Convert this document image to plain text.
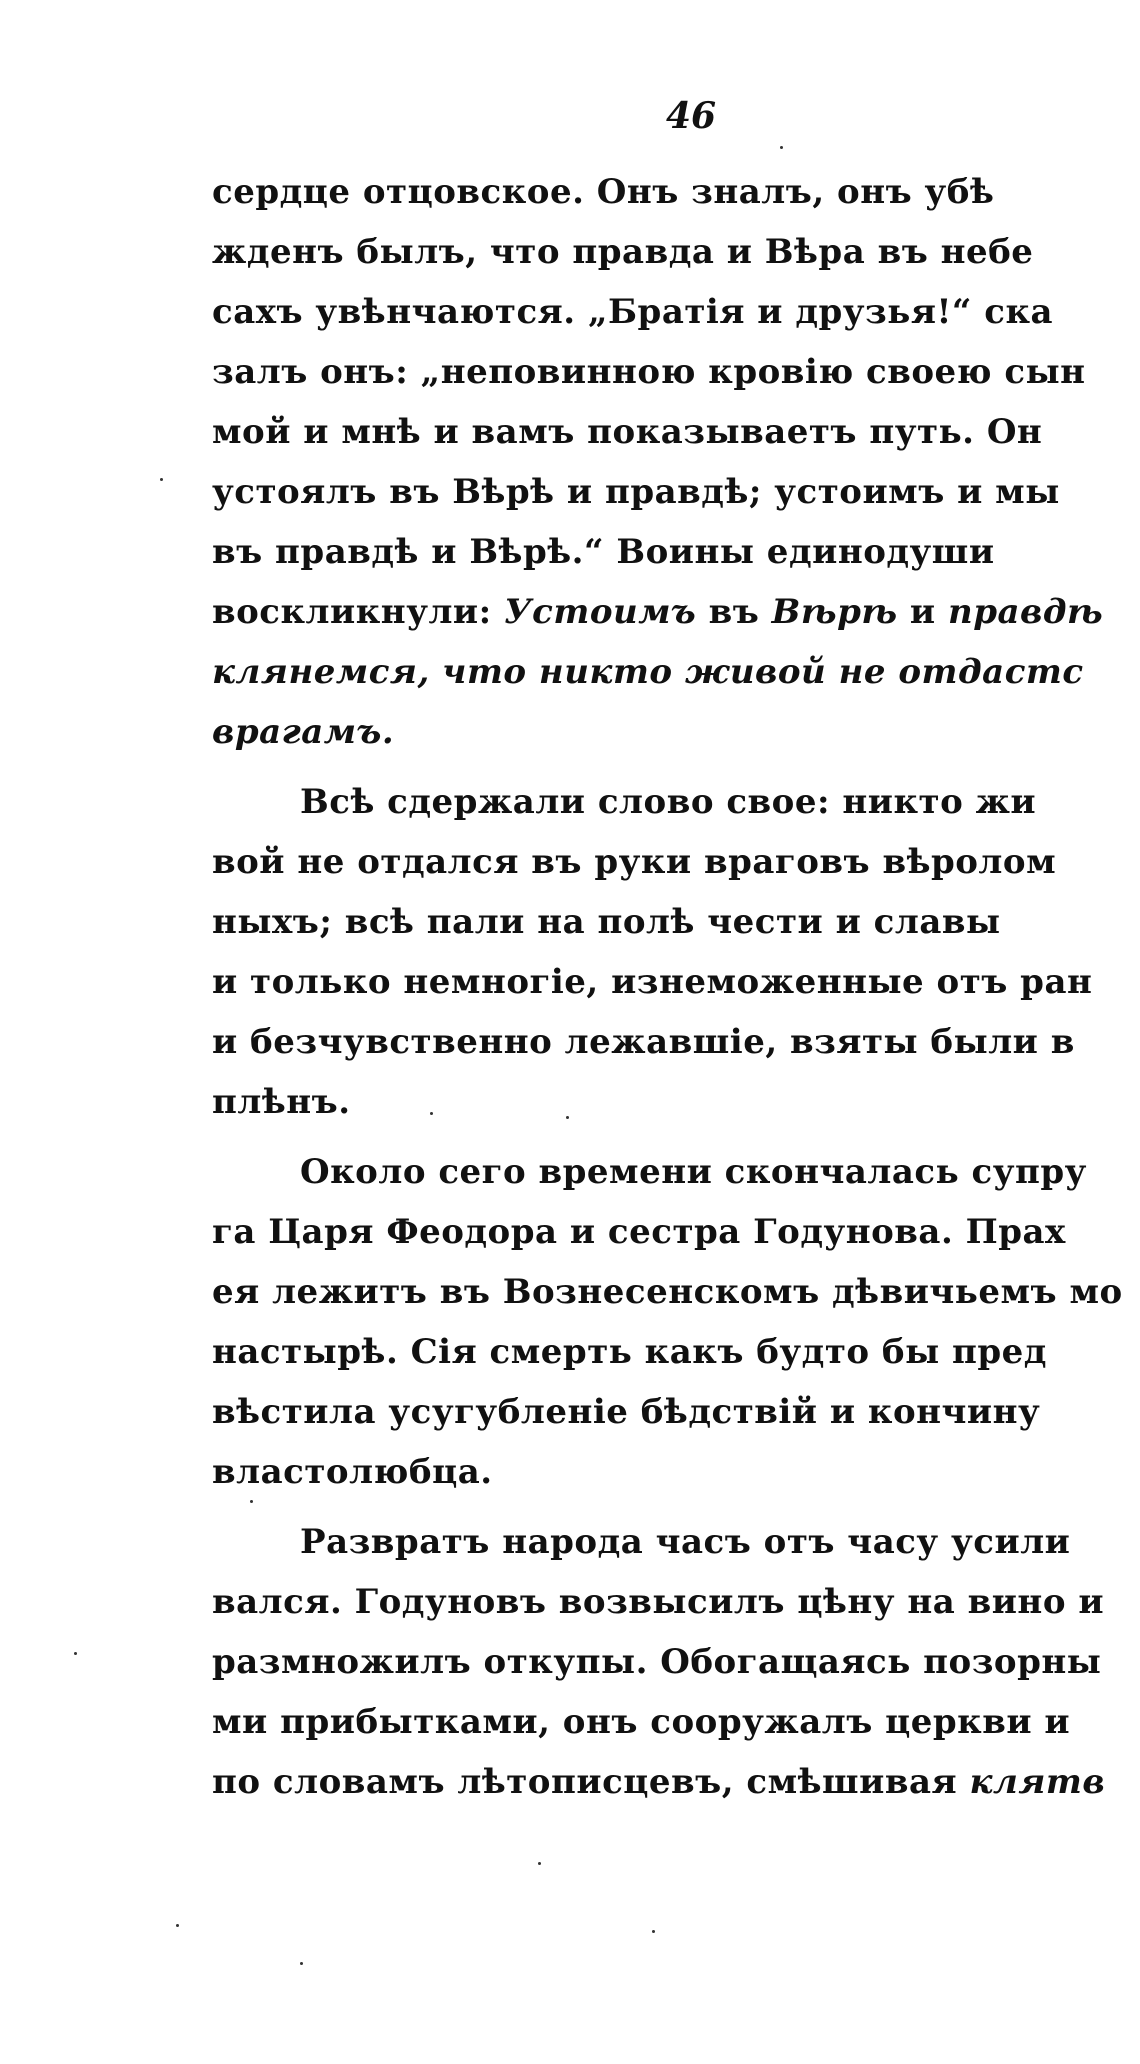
46
сердце отцовское. Онъ зналъ, онъ убѣ
жденъ былъ, что правда и Вѣра въ небе
сахъ увѣнчаются. „Братія и друзья!“ ска
залъ онъ: „неповинною кровію своею сын
мой и мнѣ и вамъ показываетъ путь. Он
устоялъ въ Вѣрѣ и правдѣ; устоимъ и мы
въ правдѣ и Вѣрѣ.“ Воины единодуши
воскликнули: Устоимъ въ Вѣрѣ и правдѣ
клянемся, что никто живой не отдастс
врагамъ.
Всѣ сдержали слово свое: никто жи
вой не отдался въ руки враговъ вѣролом
ныхъ; всѣ пали на полѣ чести и славы
и только немногіе, изнеможенные отъ ран
и безчувственно лежавшіе, взяты были в
плѣнъ.
Около сего времени скончалась супру
га Царя Феодора и сестра Годунова. Прах
ея лежитъ въ Вознесенскомъ дѣвичьемъ мо
настырѣ. Сія смерть какъ будто бы пред
вѣстила усугубленіе бѣдствій и кончину
властолюбца.
Развратъ народа часъ отъ часу усили
вался. Годуновъ возвысилъ цѣну на вино и
размножилъ откупы. Обогащаясь позорны
ми прибытками, онъ сооружалъ церкви и
по словамъ лѣтописцевъ, смѣшивая клятв
